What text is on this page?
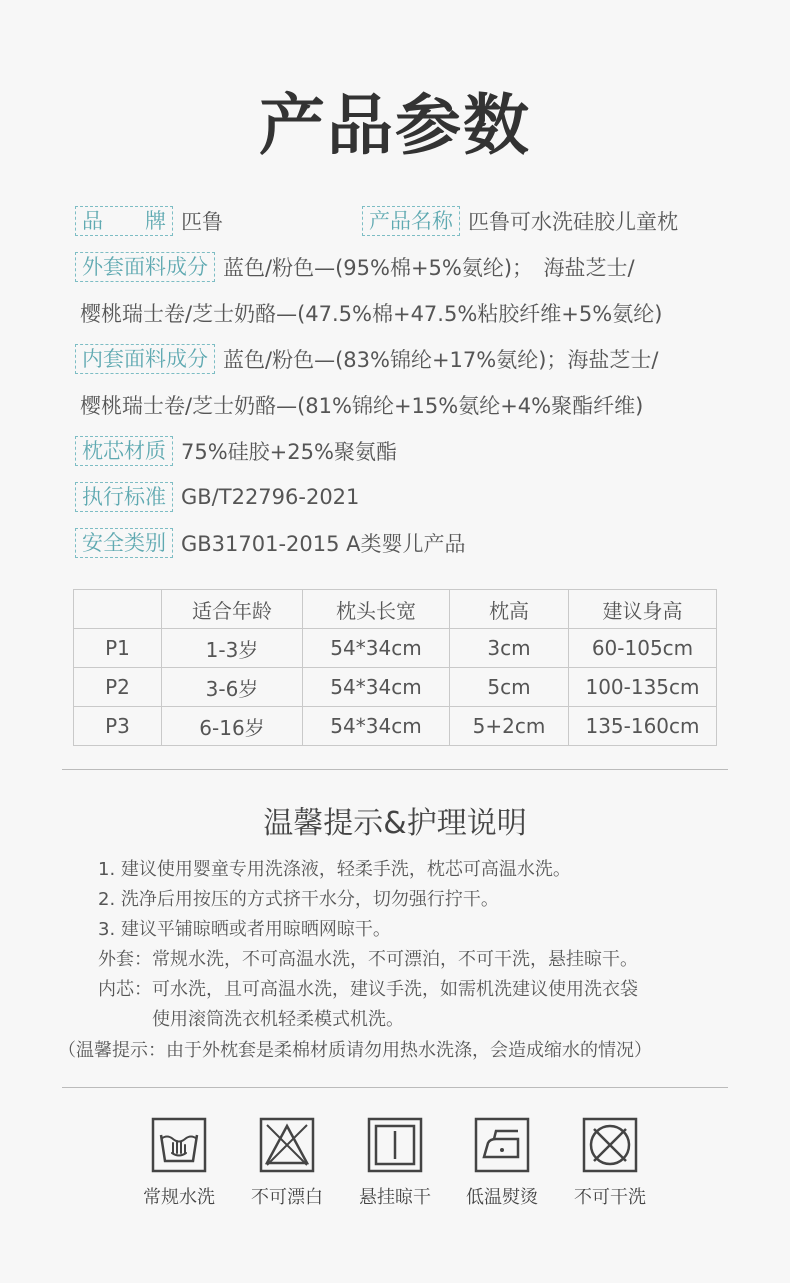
产品参数
品　　牌 匹鲁	产品名称 匹鲁可水洗硅胶儿童枕
外套面料成分 蓝色/粉色—(95%棉+5%氨纶)；　海盐芝士/
樱桃瑞士卷/芝士奶酪—(47.5%棉+47.5%粘胶纤维+5%氨纶)
内套面料成分 蓝色/粉色—(83%锦纶+17%氨纶)；海盐芝士/
樱桃瑞士卷/芝士奶酪—(81%锦纶+15%氨纶+4%聚酯纤维)
枕芯材质 75%硅胶+25%聚氨酯
执行标准 GB/T22796-2021
安全类别 GB31701-2015 A类婴儿产品
	适合年龄	枕头长宽	枕高	建议身高
P1	1-3岁	54*34cm	3cm	60-105cm
P2	3-6岁	54*34cm	5cm	100-135cm
P3	6-16岁	54*34cm	5+2cm	135-160cm
温馨提示&护理说明
1. 建议使用婴童专用洗涤液，轻柔手洗，枕芯可高温水洗。
2. 洗净后用按压的方式挤干水分，切勿强行拧干。
3. 建议平铺晾晒或者用晾晒网晾干。
外套：常规水洗，不可高温水洗，不可漂泊，不可干洗，悬挂晾干。
内芯：可水洗，且可高温水洗，建议手洗，如需机洗建议使用洗衣袋
使用滚筒洗衣机轻柔模式机洗。
（温馨提示：由于外枕套是柔棉材质请勿用热水洗涤，会造成缩水的情况）
常规水洗	不可漂白	悬挂晾干	低温熨烫	不可干洗
